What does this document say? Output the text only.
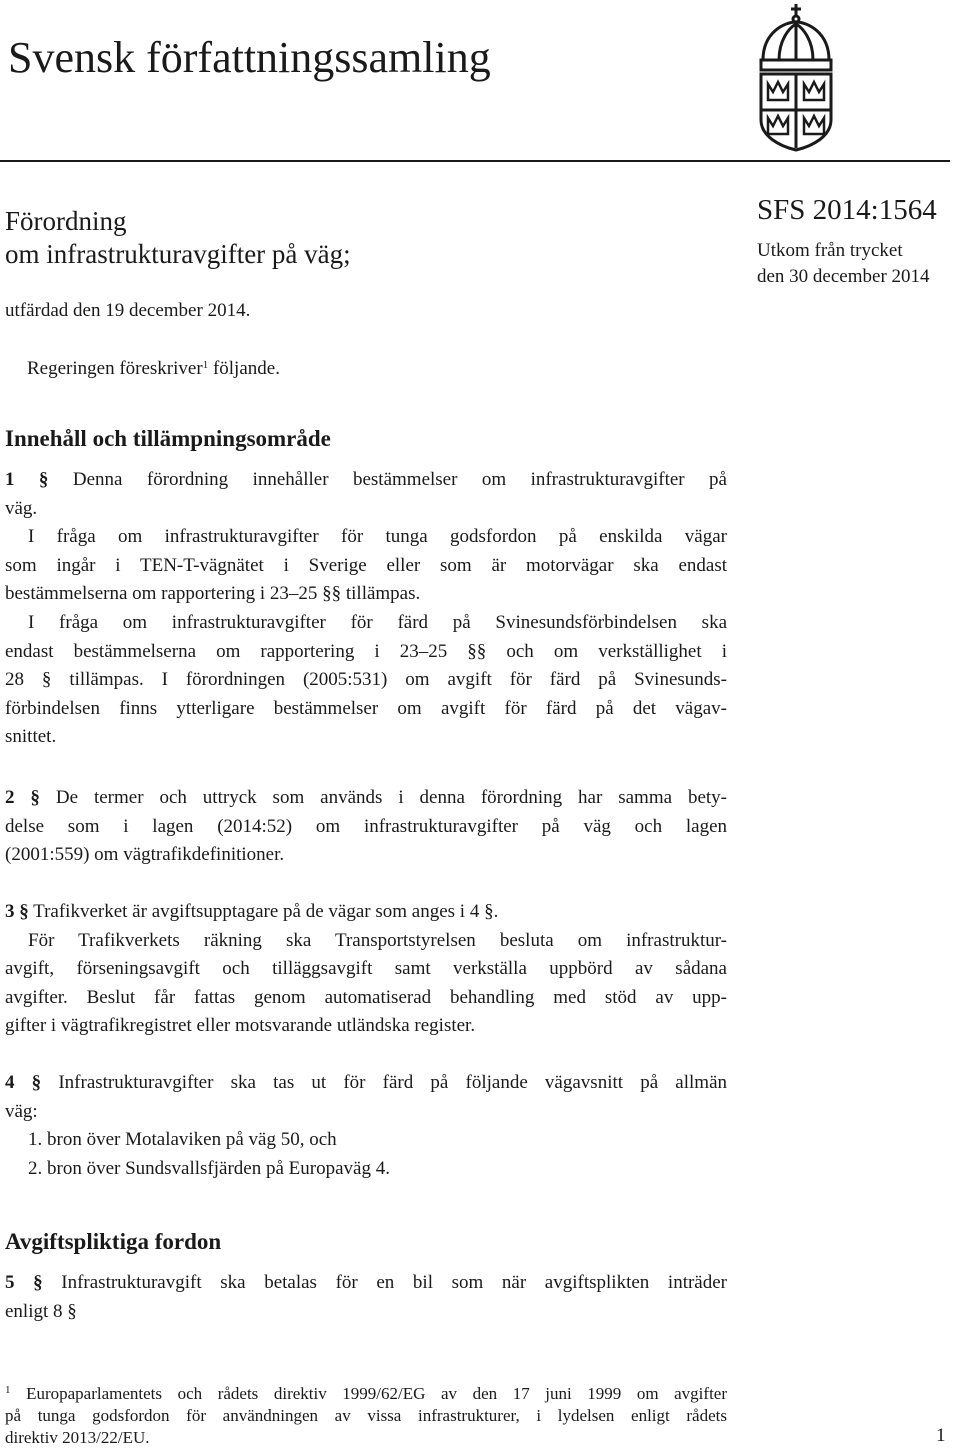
Svensk författningssamling
Förordning
om infrastrukturavgifter på väg;
SFS 2014:1564
Utkom från trycket
den 30 december 2014
utfärdad den 19 december 2014.
Regeringen föreskriver$^1$ följande.
Innehåll och tillämpningsområde
1 § Denna förordning innehåller bestämmelser om infrastrukturavgifter på
väg.
I fråga om infrastrukturavgifter för tunga godsfordon på enskilda vägar
som ingår i TEN-T-vägnätet i Sverige eller som är motorvägar ska endast
bestämmelserna om rapportering i 23–25 §§ tillämpas.
I fråga om infrastrukturavgifter för färd på Svinesundsförbindelsen ska
endast bestämmelserna om rapportering i 23–25 §§ och om verkställighet i
28 § tillämpas. I förordningen (2005:531) om avgift för färd på Svinesunds-
förbindelsen finns ytterligare bestämmelser om avgift för färd på det vägav-
snittet.
2 § De termer och uttryck som används i denna förordning har samma bety-
delse som i lagen (2014:52) om infrastrukturavgifter på väg och lagen
(2001:559) om vägtrafikdefinitioner.
3 § Trafikverket är avgiftsupptagare på de vägar som anges i 4 §.
För Trafikverkets räkning ska Transportstyrelsen besluta om infrastruktur-
avgift, förseningsavgift och tilläggsavgift samt verkställa uppbörd av sådana
avgifter. Beslut får fattas genom automatiserad behandling med stöd av upp-
gifter i vägtrafikregistret eller motsvarande utländska register.
4 § Infrastrukturavgifter ska tas ut för färd på följande vägavsnitt på allmän
väg:
1. bron över Motalaviken på väg 50, och
2. bron över Sundsvallsfjärden på Europaväg 4.
Avgiftspliktiga fordon
5 § Infrastrukturavgift ska betalas för en bil som när avgiftsplikten inträder
enligt 8 §
$^1$ Europaparlamentets och rådets direktiv 1999/62/EG av den 17 juni 1999 om avgifter
på tunga godsfordon för användningen av vissa infrastrukturer, i lydelsen enligt rådets
direktiv 2013/22/EU.	1
